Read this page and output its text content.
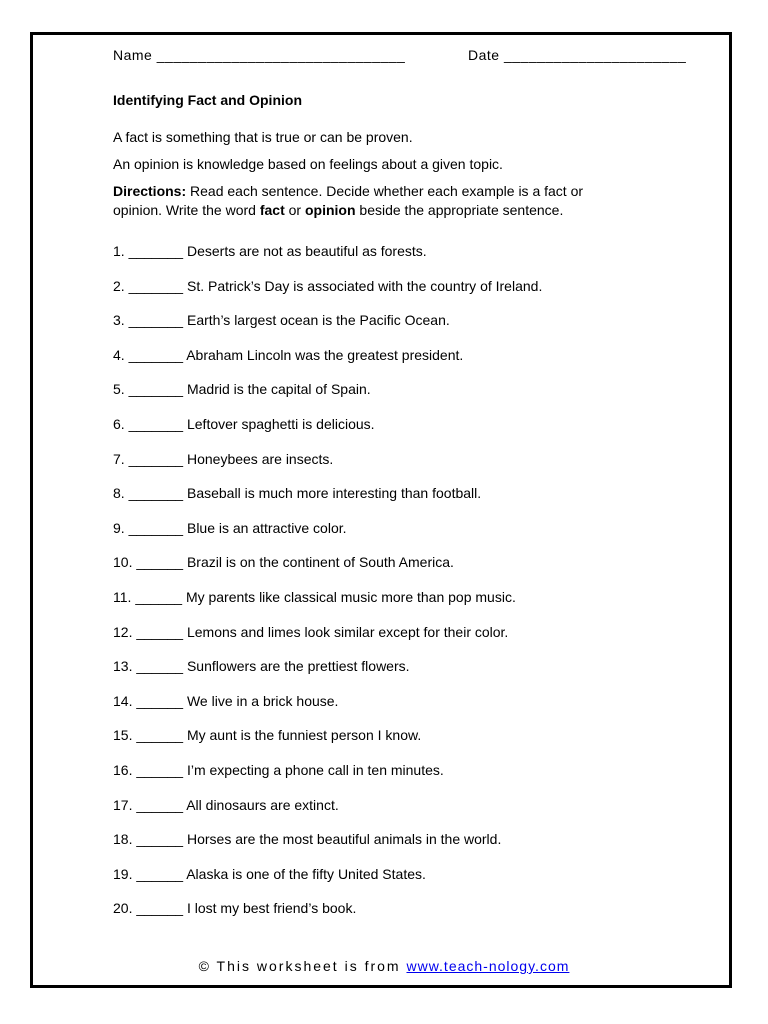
Name ______________________________	Date ______________________
Identifying Fact and Opinion
A fact is something that is true or can be proven.
An opinion is knowledge based on feelings about a given topic.
Directions: Read each sentence. Decide whether each example is a fact or opinion. Write the word fact or opinion beside the appropriate sentence.
1. _______ Deserts are not as beautiful as forests.
2. _______ St. Patrick’s Day is associated with the country of Ireland.
3. _______ Earth’s largest ocean is the Pacific Ocean.
4. _______ Abraham Lincoln was the greatest president.
5. _______ Madrid is the capital of Spain.
6. _______ Leftover spaghetti is delicious.
7. _______ Honeybees are insects.
8. _______ Baseball is much more interesting than football.
9. _______ Blue is an attractive color.
10. ______ Brazil is on the continent of South America.
11. ______ My parents like classical music more than pop music.
12. ______ Lemons and limes look similar except for their color.
13. ______ Sunflowers are the prettiest flowers.
14. ______ We live in a brick house.
15. ______ My aunt is the funniest person I know.
16. ______ I’m expecting a phone call in ten minutes.
17. ______ All dinosaurs are extinct.
18. ______ Horses are the most beautiful animals in the world.
19. ______ Alaska is one of the fifty United States.
20. ______ I lost my best friend’s book.
© This worksheet is from www.teach-nology.com
